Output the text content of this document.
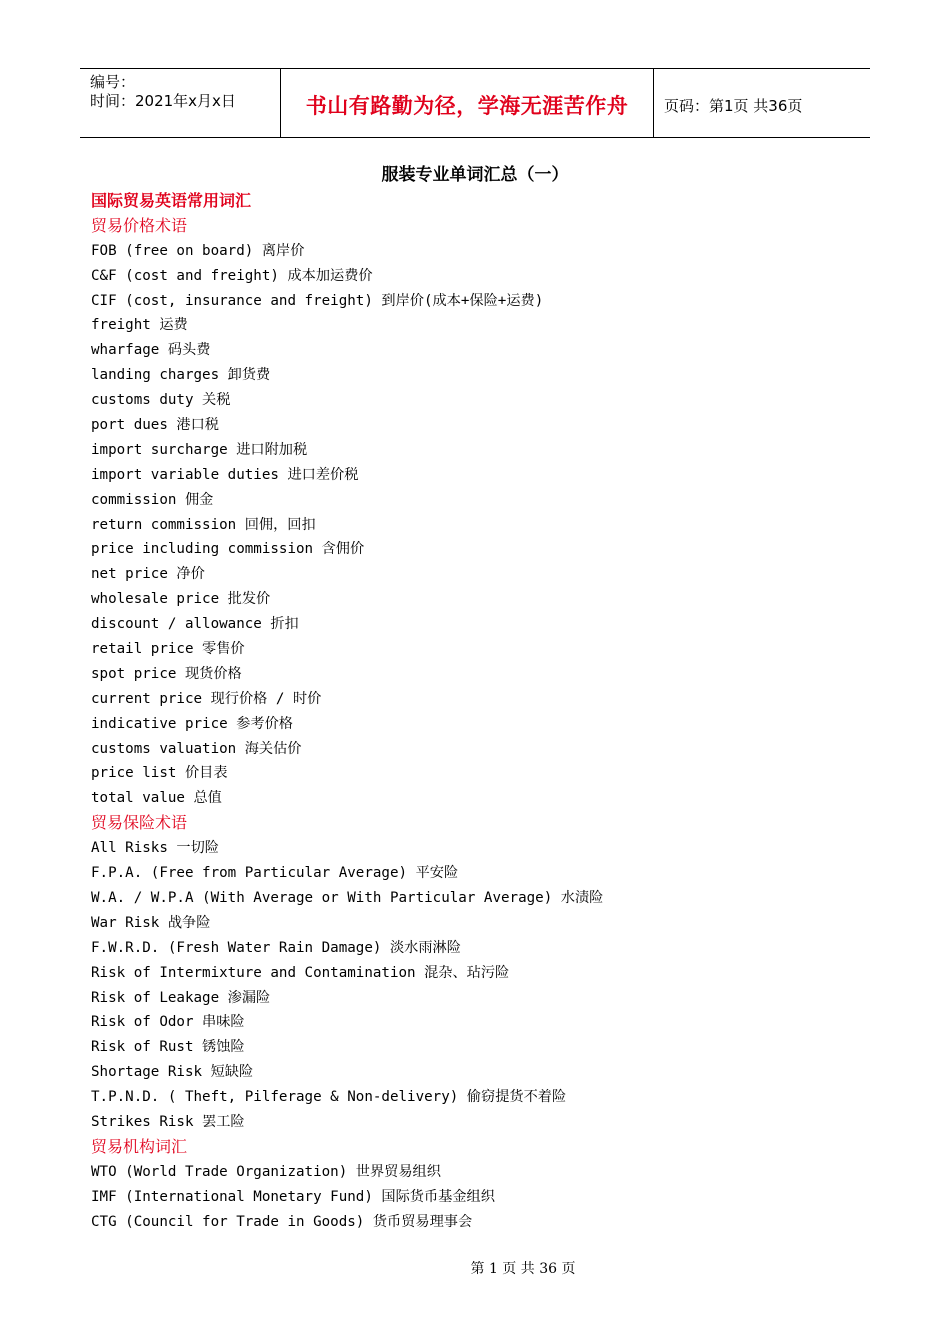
编号：
时间：2021年x月x日	书山有路勤为径，学海无涯苦作舟	页码：第1页 共36页
服装专业单词汇总（一）
国际贸易英语常用词汇
贸易价格术语
FOB (free on board) 离岸价
C&F (cost and freight) 成本加运费价
CIF (cost, insurance and freight) 到岸价(成本+保险+运费)
freight 运费
wharfage 码头费
landing charges 卸货费
customs duty 关税
port dues 港口税
import surcharge 进口附加税
import variable duties 进口差价税
commission 佣金
return commission 回佣，回扣
price including commission 含佣价
net price 净价
wholesale price 批发价
discount / allowance 折扣
retail price 零售价
spot price 现货价格
current price 现行价格 / 时价
indicative price 参考价格
customs valuation 海关估价
price list 价目表
total value 总值
贸易保险术语
All Risks 一切险
F.P.A. (Free from Particular Average) 平安险
W.A. / W.P.A (With Average or With Particular Average) 水渍险
War Risk 战争险
F.W.R.D. (Fresh Water Rain Damage) 淡水雨淋险
Risk of Intermixture and Contamination 混杂、玷污险
Risk of Leakage 渗漏险
Risk of Odor 串味险
Risk of Rust 锈蚀险
Shortage Risk 短缺险
T.P.N.D. ( Theft, Pilferage & Non-delivery) 偷窃提货不着险
Strikes Risk 罢工险
贸易机构词汇
WTO (World Trade Organization) 世界贸易组织
IMF (International Monetary Fund) 国际货币基金组织
CTG (Council for Trade in Goods) 货币贸易理事会
第 1 页 共 36 页
